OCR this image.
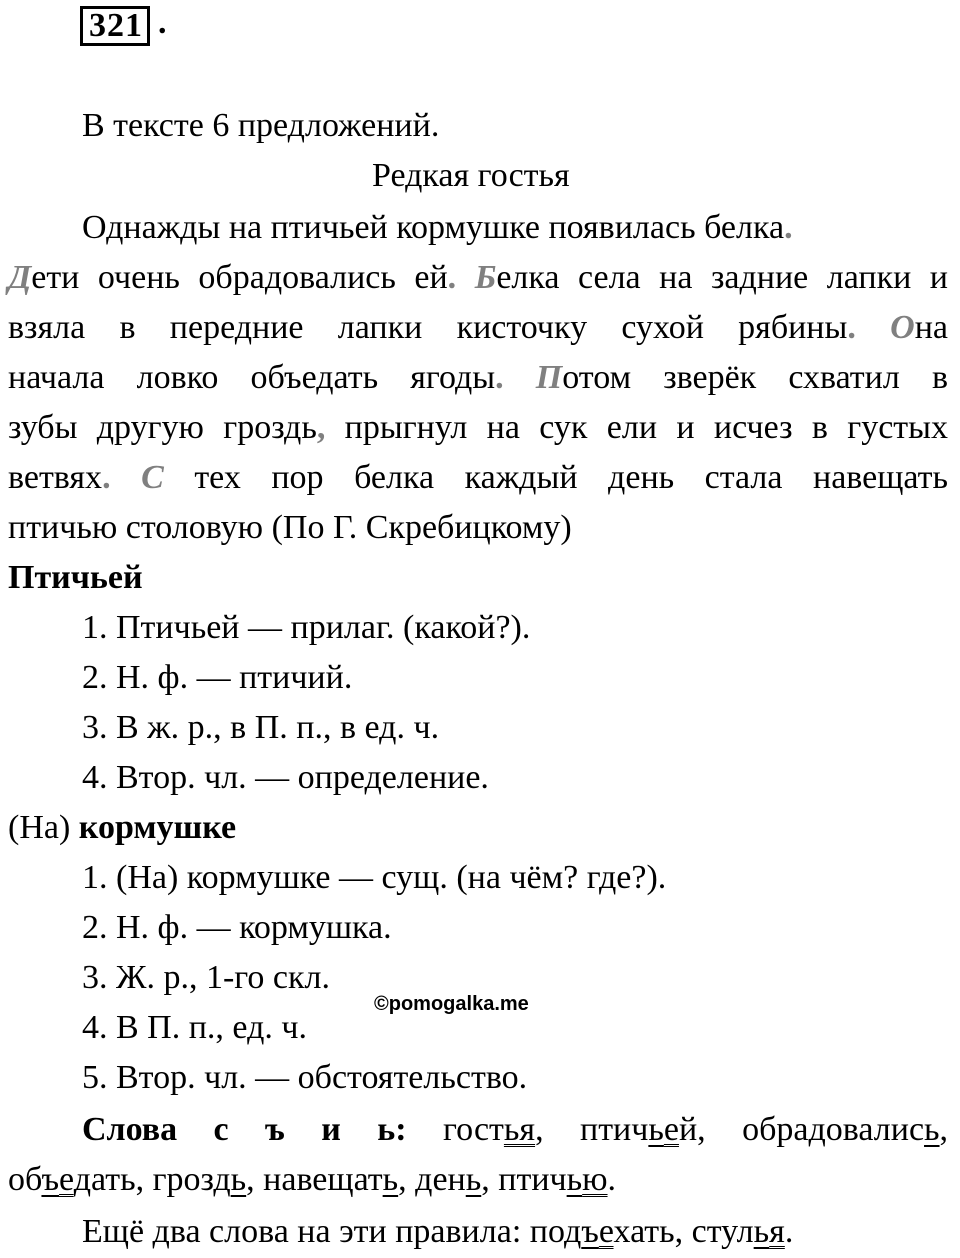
321 .
В тексте 6 предложений.
Редкая гостья
Однажды на птичьей кормушке появилась белка.
Дети очень обрадовались ей. Белка села на задние лапки и
взяла в передние лапки кисточку сухой рябины. Она
начала ловко объедать ягоды. Потом зверёк схватил в
зубы другую гроздь, прыгнул на сук ели и исчез в густых
ветвях. С тех пор белка каждый день стала навещать
птичью столовую (По Г. Скребицкому)
Птичьей
1. Птичьей — прилаг. (какой?).
2. Н. ф. — птичий.
3. В ж. р., в П. п., в ед. ч.
4. Втор. чл. — определение.
(На) кормушке
1. (На) кормушке — сущ. (на чём? где?).
2. Н. ф. — кормушка.
3. Ж. р., 1-го скл.
4. В П. п., ед. ч.
5. Втор. чл. — обстоятельство.
©pomogalka.me
Слова с ъ и ь: гостья, птичьей, обрадовались,
объедать, гроздь, навещать, день, птичью.
Ещё два слова на эти правила: подъехать, стулья.
